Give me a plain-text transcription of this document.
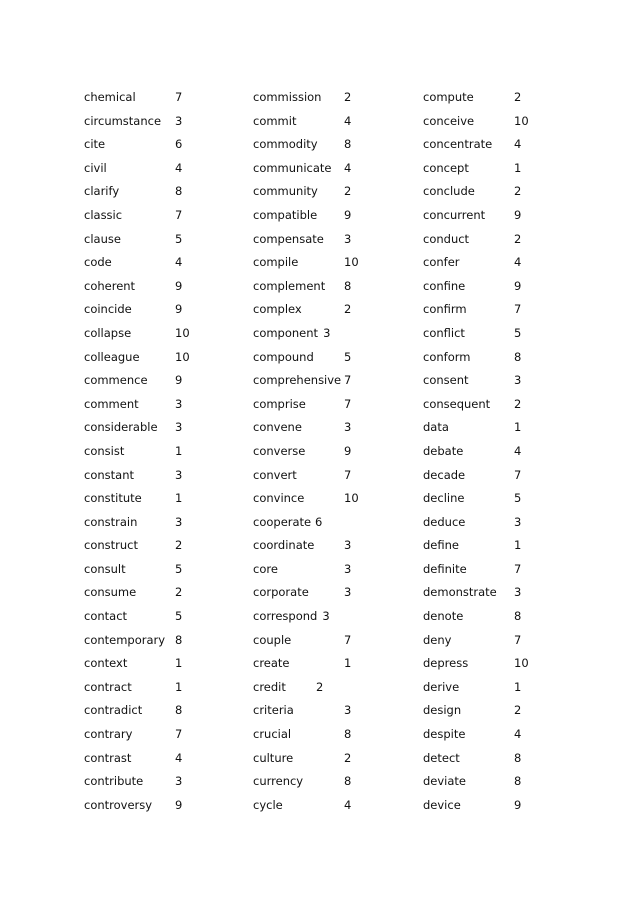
chemical	7
circumstance 3
cite	6
civil	4
clarify	8
classic	7
clause	5
code	4
coherent	9
coincide	9
collapse	10
colleague	10
commence 9
comment	3
considerable 3
consist	1
constant	3
constitute	1
constrain	3
construct	2
consult	5
consume	2
contact	5
contemporary 8
context	1
contract	1
contradict	8
contrary	7
contrast	4
contribute	3
controversy 9
commission 2
commit	4
commodity 8
communicate 4
community 2
compatible 9
compensate 3
compile	10
complement 8
complex	2
component 3
compound	5
comprehensive 7
comprise	7
convene	3
converse	9
convert	7
convince	10
cooperate 6
coordinate	3
core	3
corporate	3
correspond 3
couple	7
create	1
credit	2
criteria	3
crucial	8
culture	2
currency	8
cycle	4
compute	2
conceive	10
concentrate 4
concept	1
conclude	2
concurrent	9
conduct	2
confer	4
confine	9
confirm	7
conflict	5
conform	8
consent	3
consequent 2
data	1
debate	4
decade	7
decline	5
deduce	3
define	1
definite	7
demonstrate 3
denote	8
deny	7
depress	10
derive	1
design	2
despite	4
detect	8
deviate	8
device	9
